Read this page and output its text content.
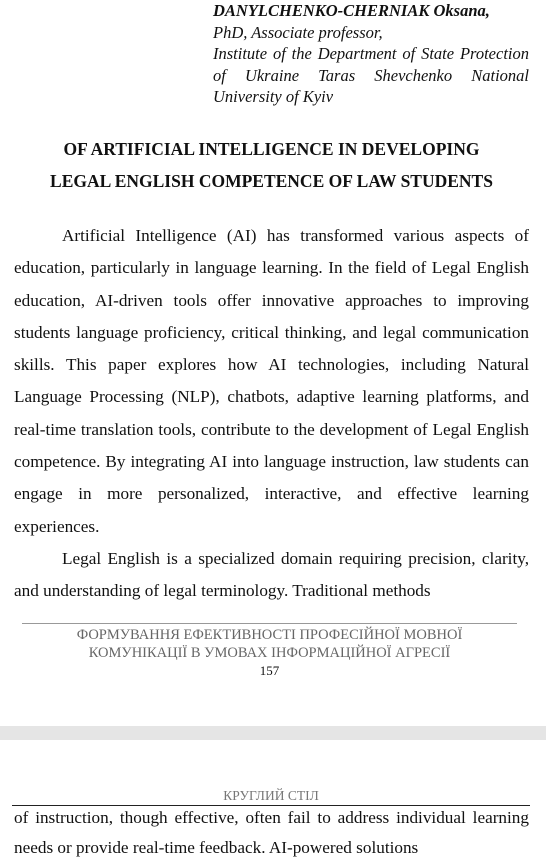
DANYLCHENKO-CHERNIAK Oksana,
PhD, Associate professor,
Institute of the Department of State Protection of Ukraine Taras Shevchenko National University of Kyiv
OF ARTIFICIAL INTELLIGENCE IN DEVELOPING
LEGAL ENGLISH COMPETENCE OF LAW STUDENTS

Artificial Intelligence (AI) has transformed various aspects of education, particularly in language learning. In the field of Legal English education, AI-driven tools offer innovative approaches to improving students language proficiency, critical thinking, and legal communication skills. This paper explores how AI technologies, including Natural Language Processing (NLP), chatbots, adaptive learning platforms, and real-time translation tools, contribute to the development of Legal English competence. By integrating AI into language instruction, law students can engage in more personalized, interactive, and effective learning experiences.

Legal English is a specialized domain requiring precision, clarity, and understanding of legal terminology. Traditional methods

ФОРМУВАННЯ ЕФЕКТИВНОСТІ ПРОФЕСІЙНОЇ МОВНОЇ
КОМУНІКАЦІЇ В УМОВАХ ІНФОРМАЦІЙНОЇ АГРЕСІЇ
157
КРУГЛИЙ СТІЛ

of instruction, though effective, often fail to address individual learning needs or provide real-time feedback. AI-powered solutions
